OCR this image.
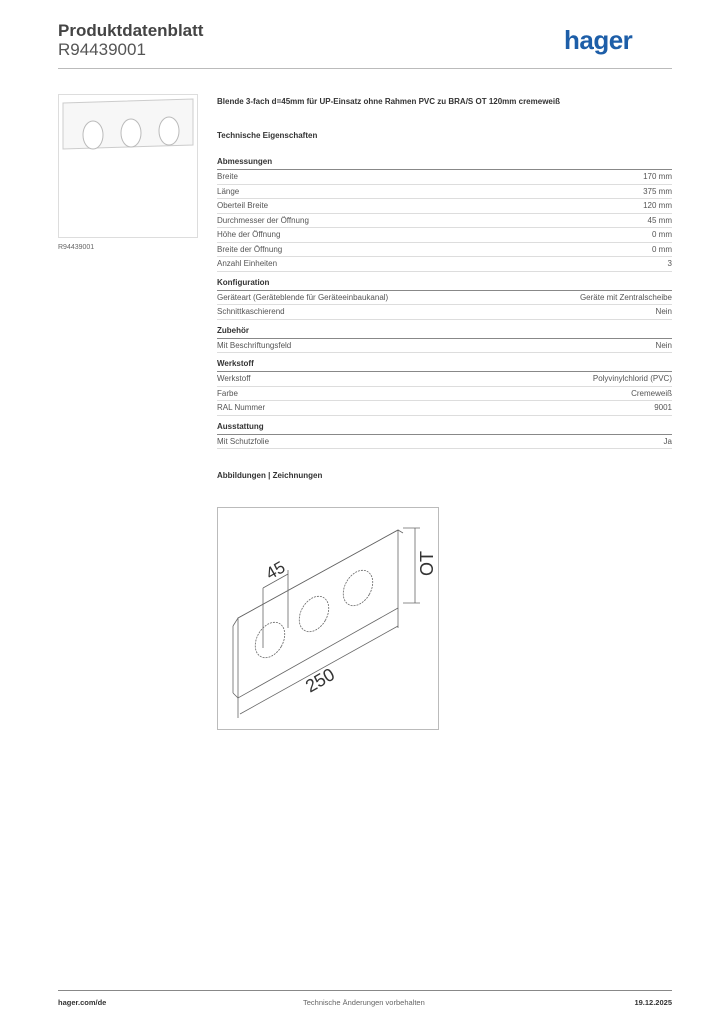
Produktdatenblatt
R94439001	hager
R94439001
Blende 3-fach d=45mm für UP-Einsatz ohne Rahmen PVC zu BRA/S OT 120mm cremeweiß
Technische Eigenschaften
Abmessungen
Breite	170 mm
Länge	375 mm
Oberteil Breite	120 mm
Durchmesser der Öffnung	45 mm
Höhe der Öffnung	0 mm
Breite der Öffnung	0 mm
Anzahl Einheiten	3
Konfiguration
Geräteart (Geräteblende für Geräteeinbaukanal)	Geräte mit Zentralscheibe
Schnittkaschierend	Nein
Zubehör
Mit Beschriftungsfeld	Nein
Werkstoff
Werkstoff	Polyvinylchlorid (PVC)
Farbe	Cremeweiß
RAL Nummer	9001
Ausstattung
Mit Schutzfolie	Ja
Abbildungen | Zeichnungen
45
250
OT
hager.com/de	Technische Änderungen vorbehalten	19.12.2025
